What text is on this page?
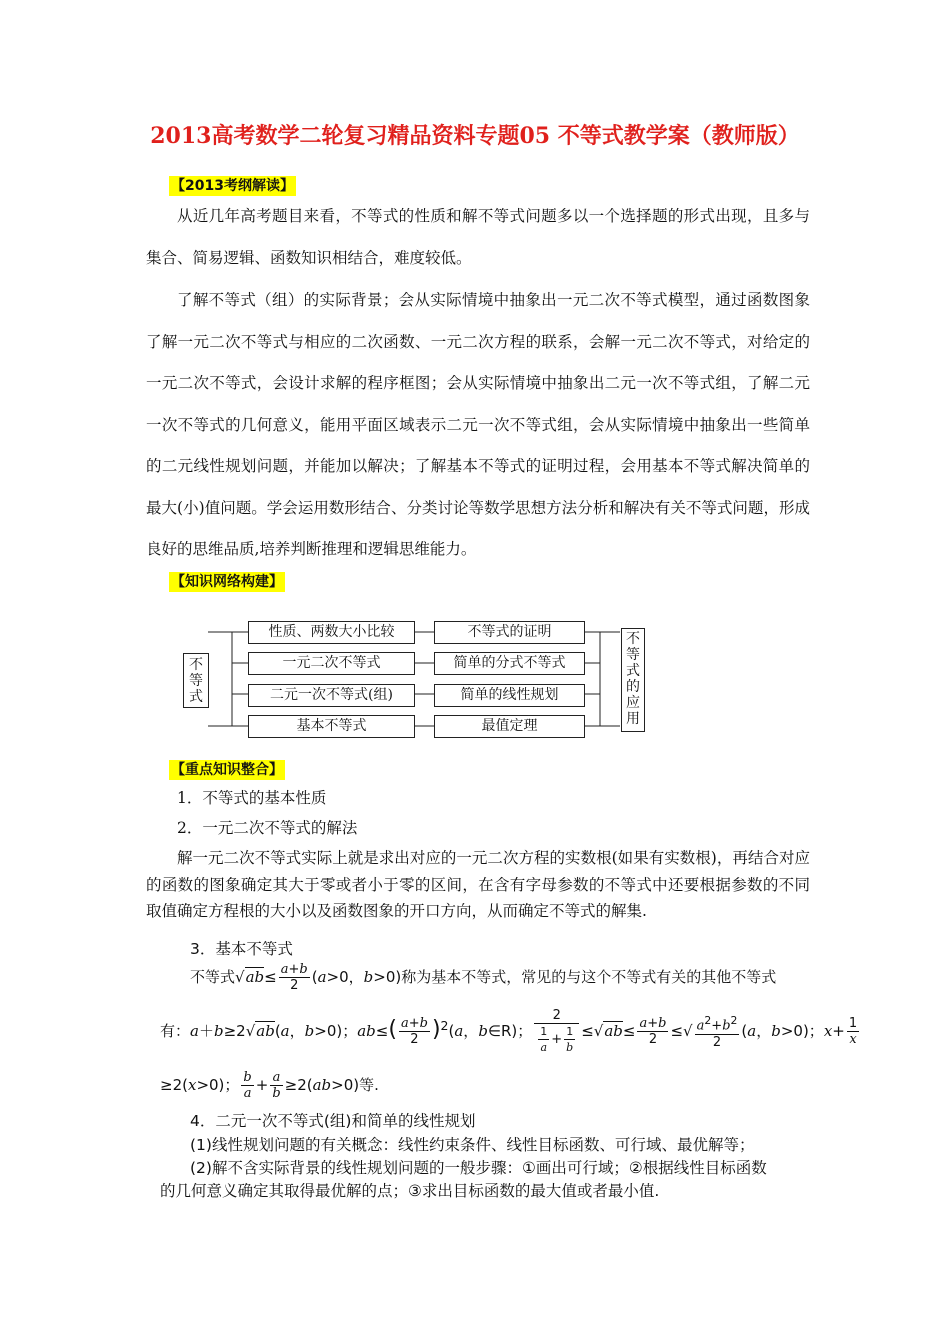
2013高考数学二轮复习精品资料专题05 不等式教学案（教师版）
【2013考纲解读】

从近几年高考题目来看，不等式的性质和解不等式问题多以一个选择题的形式出现，且多与集合、简易逻辑、函数知识相结合，难度较低。

了解不等式（组）的实际背景；会从实际情境中抽象出一元二次不等式模型，通过函数图象了解一元二次不等式与相应的二次函数、一元二次方程的联系，会解一元二次不等式，对给定的一元二次不等式，会设计求解的程序框图；会从实际情境中抽象出二元一次不等式组，了解二元一次不等式的几何意义，能用平面区域表示二元一次不等式组，会从实际情境中抽象出一些简单的二元线性规划问题，并能加以解决；了解基本不等式的证明过程，会用基本不等式解决简单的最大(小)值问题。学会运用数形结合、分类讨论等数学思想方法分析和解决有关不等式问题，形成良好的思维品质,培养判断推理和逻辑思维能力。

【知识网络构建】
不等式
性质、两数大小比较
一元二次不等式
二元一次不等式(组)
基本不等式
不等式的证明
简单的分式不等式
简单的线性规划
最值定理
不等式的应用
【重点知识整合】
1．不等式的基本性质
2．一元二次不等式的解法

解一元二次不等式实际上就是求出对应的一元二次方程的实数根(如果有实数根)，再结合对应的函数的图象确定其大于零或者小于零的区间，在含有字母参数的不等式中还要根据参数的不同取值确定方程根的大小以及函数图象的开口方向，从而确定不等式的解集.

3．基本不等式
不等式$√ab\le \frac{a+b}{2} (a>0$，b>0)称为基本不等式，常见的与这个不等式有关的其他不等式
有：a＋b≥2√ab(a，b>0)；$ab\le( \frac{a+b}{2} )^2(a$，b∈R)； $\frac{2}{\frac{1}{a} + \frac{1}{b}} \le√ab\le \frac{a+b}{2}$ ≤√ $\frac{a^2+b^2}{2} (a$，b>0)；$x+ \frac{1}{x}$
≥2(x>0)； $\frac{b}{a} + \frac{a}{b} \ge 2(ab>0)$等.
4．二元一次不等式(组)和简单的线性规划
(1)线性规划问题的有关概念：线性约束条件、线性目标函数、可行域、最优解等；
(2)解不含实际背景的线性规划问题的一般步骤：①画出可行域；②根据线性目标函数
的几何意义确定其取得最优解的点；③求出目标函数的最大值或者最小值.
